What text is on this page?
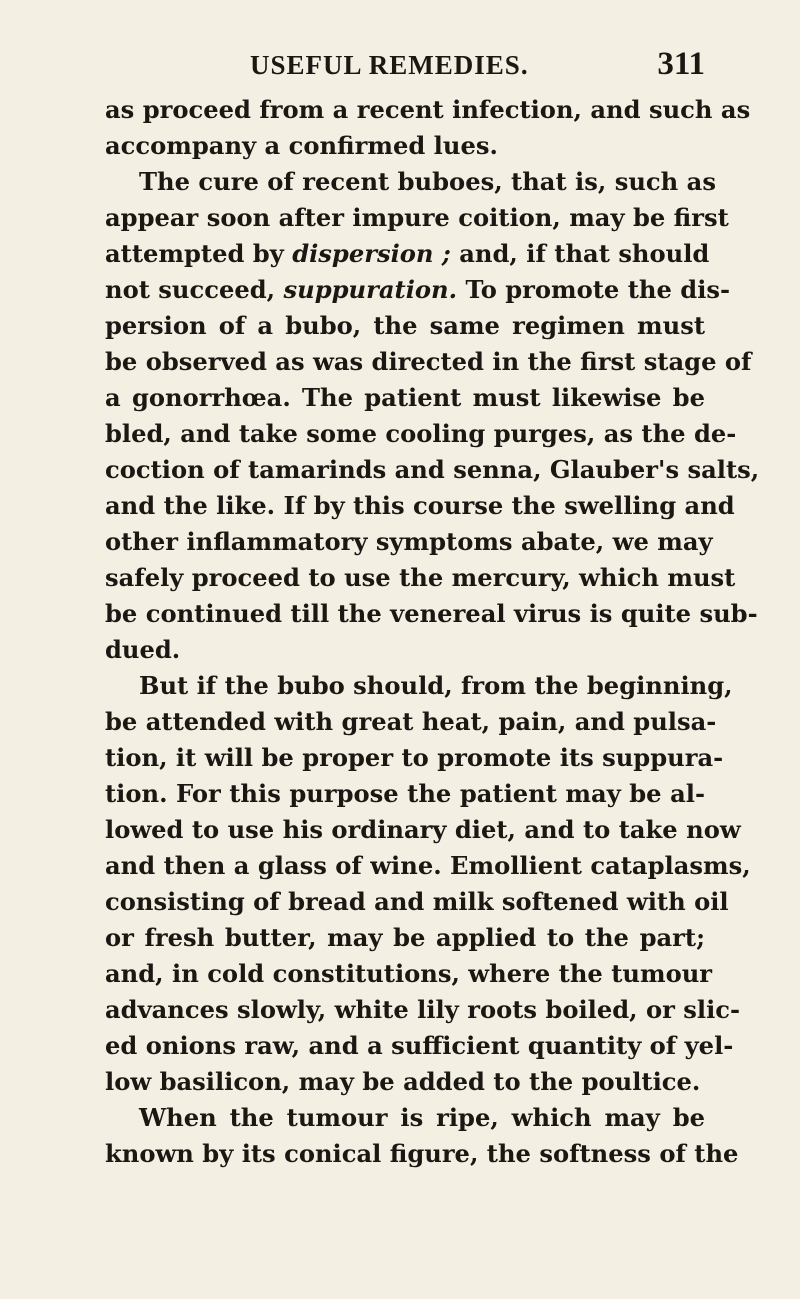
USEFUL REMEDIES.	311
as proceed from a recent infection, and such as
accompany a confirmed lues.
The cure of recent buboes, that is, such as
appear soon after impure coition, may be first
attempted by dispersion ; and, if that should
not succeed, suppuration. To promote the dis-
persion of a bubo, the same regimen must
be observed as was directed in the first stage of
a gonorrhœa. The patient must likewise be
bled, and take some cooling purges, as the de-
coction of tamarinds and senna, Glauber's salts,
and the like. If by this course the swelling and
other inflammatory symptoms abate, we may
safely proceed to use the mercury, which must
be continued till the venereal virus is quite sub-
dued.
But if the bubo should, from the beginning,
be attended with great heat, pain, and pulsa-
tion, it will be proper to promote its suppura-
tion. For this purpose the patient may be al-
lowed to use his ordinary diet, and to take now
and then a glass of wine. Emollient cataplasms,
consisting of bread and milk softened with oil
or fresh butter, may be applied to the part;
and, in cold constitutions, where the tumour
advances slowly, white lily roots boiled, or slic-
ed onions raw, and a sufficient quantity of yel-
low basilicon, may be added to the poultice.
When the tumour is ripe, which may be
known by its conical figure, the softness of the
